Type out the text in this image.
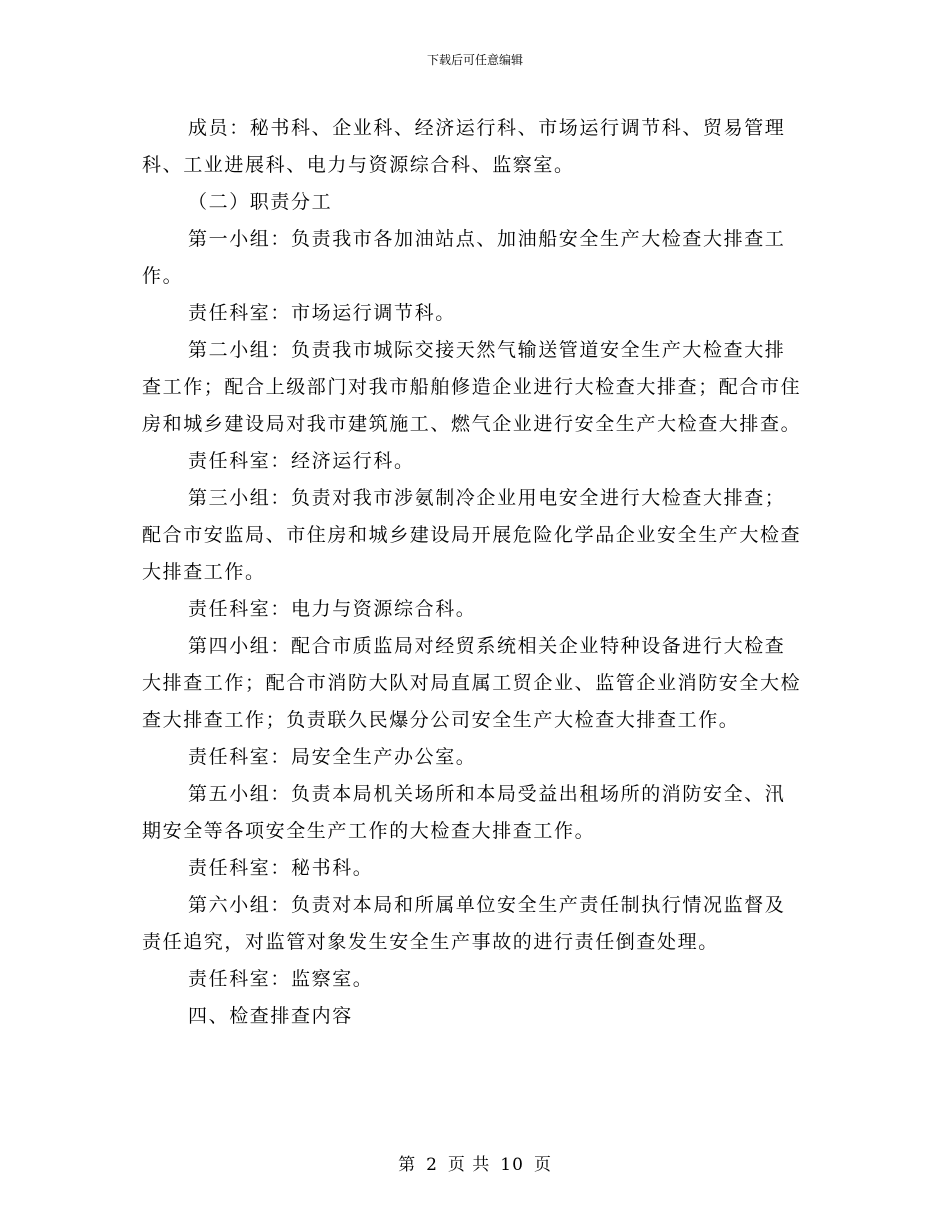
下载后可任意编辑

成员：秘书科、企业科、经济运行科、市场运行调节科、贸易管理科、工业进展科、电力与资源综合科、监察室。

（二）职责分工

第一小组：负责我市各加油站点、加油船安全生产大检查大排查工作。

责任科室：市场运行调节科。

第二小组：负责我市城际交接天然气输送管道安全生产大检查大排查工作；配合上级部门对我市船舶修造企业进行大检查大排查；配合市住房和城乡建设局对我市建筑施工、燃气企业进行安全生产大检查大排查。

责任科室：经济运行科。

第三小组：负责对我市涉氨制冷企业用电安全进行大检查大排查；配合市安监局、市住房和城乡建设局开展危险化学品企业安全生产大检查大排查工作。

责任科室：电力与资源综合科。

第四小组：配合市质监局对经贸系统相关企业特种设备进行大检查大排查工作；配合市消防大队对局直属工贸企业、监管企业消防安全大检查大排查工作；负责联久民爆分公司安全生产大检查大排查工作。

责任科室：局安全生产办公室。

第五小组：负责本局机关场所和本局受益出租场所的消防安全、汛期安全等各项安全生产工作的大检查大排查工作。

责任科室：秘书科。

第六小组：负责对本局和所属单位安全生产责任制执行情况监督及责任追究，对监管对象发生安全生产事故的进行责任倒查处理。

责任科室：监察室。

四、检查排查内容

第 2 页 共 10 页
